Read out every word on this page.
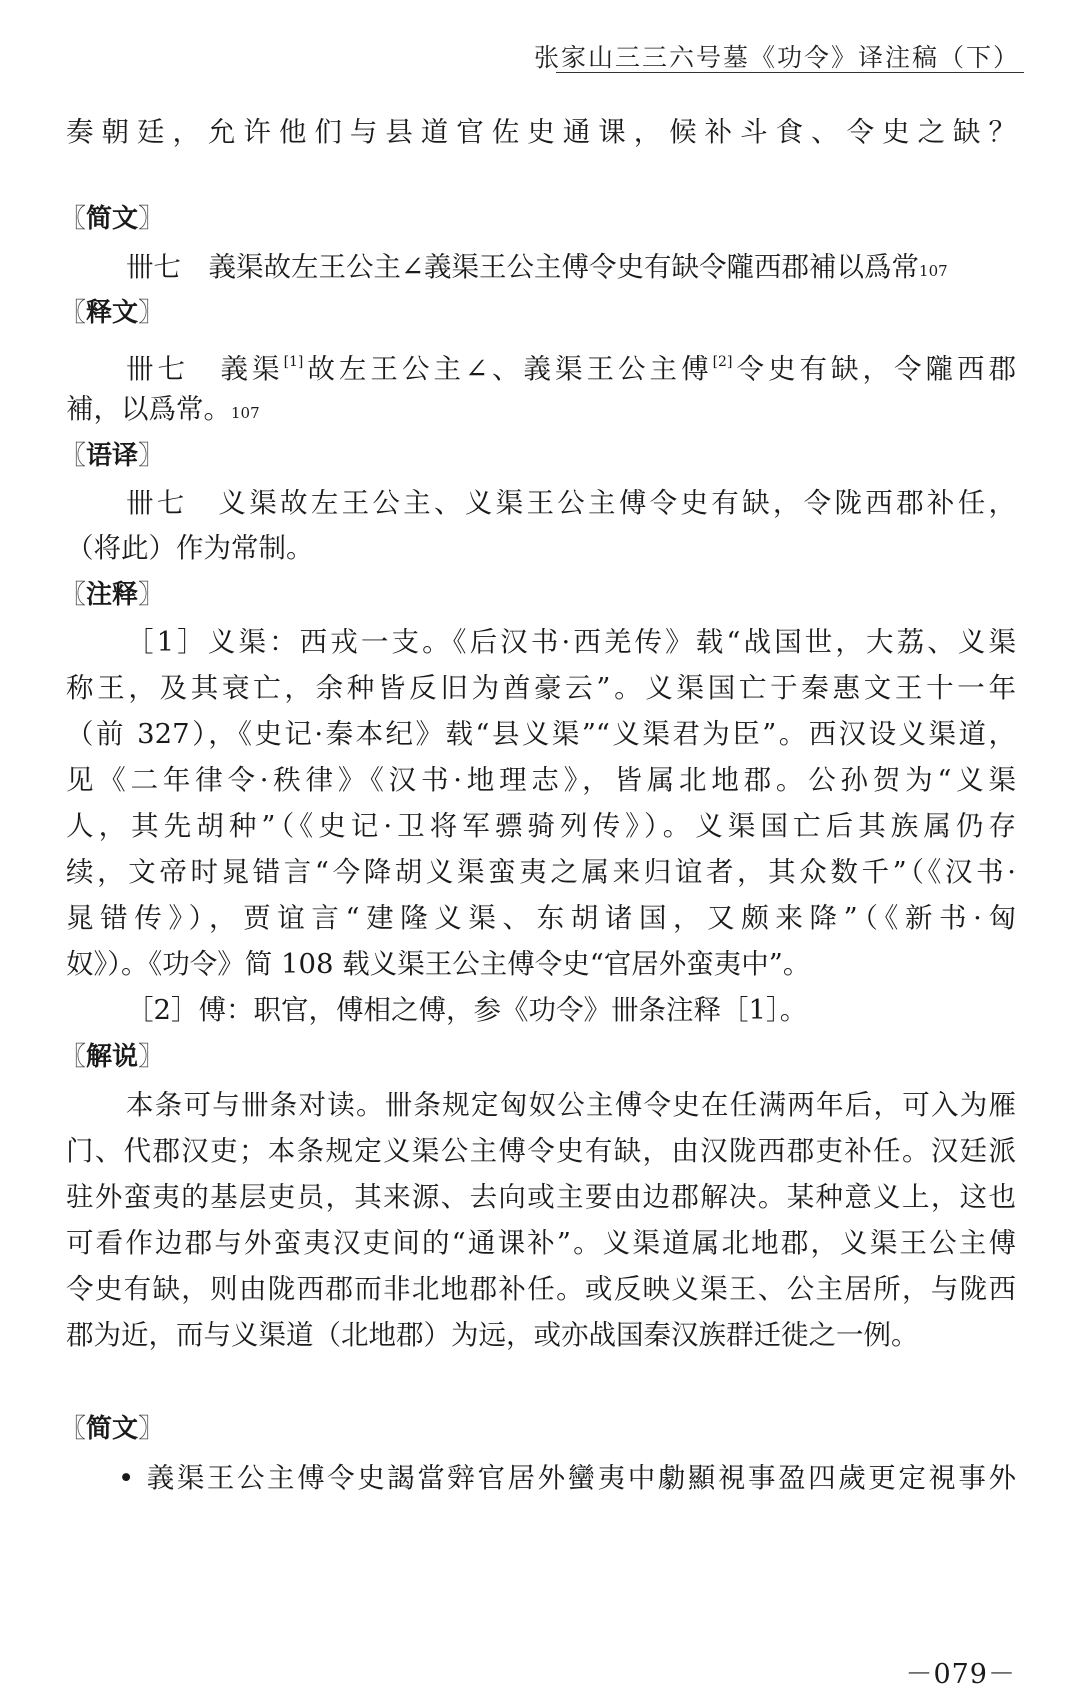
张家山三三六号墓《功令》译注稿（下）
奏朝廷，允许他们与县道官佐史通课，候补斗食、令史之缺？
〖简文〗
卌七　義渠故左王公主∠義渠王公主傅令史有缺令隴西郡補以爲常107
〖释文〗
卌七　義渠[1]故左王公主∠、義渠王公主傅[2]令史有缺，令隴西郡
補，以爲常。107
〖语译〗
卌七　义渠故左王公主、义渠王公主傅令史有缺，令陇西郡补任，
（将此）作为常制。
〖注释〗
［1］义渠：西戎一支。《后汉书·西羌传》载“战国世，大荔、义渠
称王，及其衰亡，余种皆反旧为酋豪云”。义渠国亡于秦惠文王十一年
（前 327），《史记·秦本纪》载“县义渠”“义渠君为臣”。西汉设义渠道，
见《二年律令·秩律》《汉书·地理志》，皆属北地郡。公孙贺为“义渠
人，其先胡种”（《史记·卫将军骠骑列传》）。义渠国亡后其族属仍存
续，文帝时晁错言“今降胡义渠蛮夷之属来归谊者，其众数千”（《汉书·
晁错传》），贾谊言“建隆义渠、东胡诸国，又颇来降”（《新书·匈
奴》）。《功令》简 108 载义渠王公主傅令史“官居外蛮夷中”。
［2］傅：职官，傅相之傅，参《功令》卌条注释［1］。
〖解说〗
本条可与卌条对读。卌条规定匈奴公主傅令史在任满两年后，可入为雁
门、代郡汉吏；本条规定义渠公主傅令史有缺，由汉陇西郡吏补任。汉廷派
驻外蛮夷的基层吏员，其来源、去向或主要由边郡解决。某种意义上，这也
可看作边郡与外蛮夷汉吏间的“通课补”。义渠道属北地郡，义渠王公主傅
令史有缺，则由陇西郡而非北地郡补任。或反映义渠王、公主居所，与陇西
郡为近，而与义渠道（北地郡）为远，或亦战国秦汉族群迁徙之一例。
〖简文〗
• 義渠王公主傅令史謁當辤官居外蠻夷中勮顯視事盈四歲更定視事外
－079－
